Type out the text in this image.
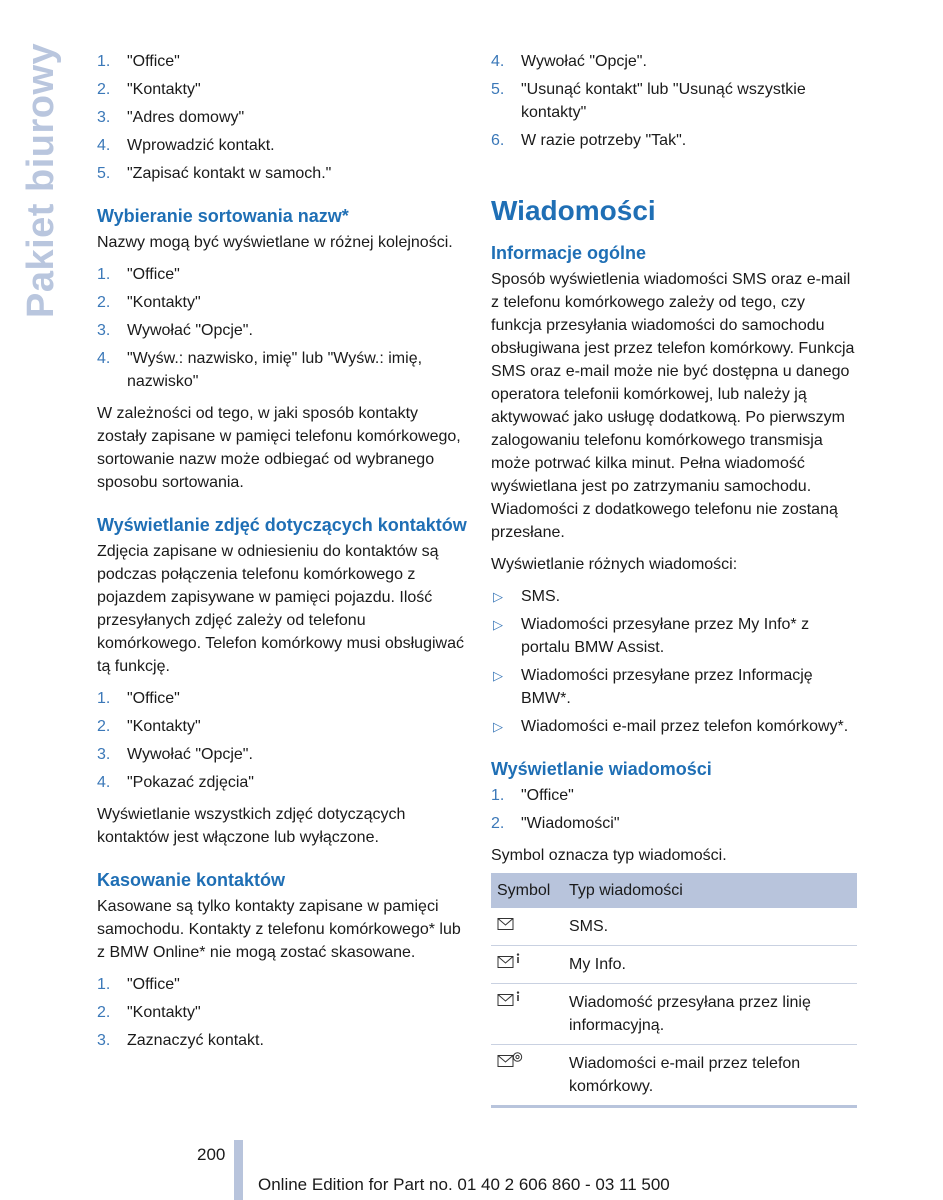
Pakiet biurowy 1. "Office"
2. "Kontakty"
3. "Adres domowy"
4. Wprowadzić kontakt.
5. "Zapisać kontakt w samoch."
Wybieranie sortowania nazw*

Nazwy mogą być wyświetlane w różnej kolejności.

1. "Office"
2. "Kontakty"
3. Wywołać "Opcje".
4. "Wyśw.: nazwisko, imię" lub "Wyśw.: imię, nazwisko"

W zależności od tego, w jaki sposób kontakty zostały zapisane w pamięci telefonu komórkowego, sortowanie nazw może odbiegać od wybranego sposobu sortowania.

Wyświetlanie zdjęć dotyczących kontaktów

Zdjęcia zapisane w odniesieniu do kontaktów są podczas połączenia telefonu komórkowego z pojazdem zapisywane w pamięci pojazdu. Ilość przesyłanych zdjęć zależy od telefonu komórkowego. Telefon komórkowy musi obsługiwać tą funkcję.

1. "Office"
2. "Kontakty"
3. Wywołać "Opcje".
4. "Pokazać zdjęcia"

Wyświetlanie wszystkich zdjęć dotyczących kontaktów jest włączone lub wyłączone.

Kasowanie kontaktów

Kasowane są tylko kontakty zapisane w pamięci samochodu. Kontakty z telefonu komórkowego* lub z BMW Online* nie mogą zostać skasowane.

1. "Office"
2. "Kontakty"
3. Zaznaczyć kontakt.
4. Wywołać "Opcje".
5. "Usunąć kontakt" lub "Usunąć wszystkie kontakty"
6. W razie potrzeby "Tak".
Wiadomości
Informacje ogólne

Sposób wyświetlenia wiadomości SMS oraz e-mail z telefonu komórkowego zależy od tego, czy funkcja przesyłania wiadomości do samochodu obsługiwana jest przez telefon komórkowy. Funkcja SMS oraz e-mail może nie być dostępna u danego operatora telefonii komórkowej, lub należy ją aktywować jako usługę dodatkową. Po pierwszym zalogowaniu telefonu komórkowego transmisja może potrwać kilka minut. Pełna wiadomość wyświetlana jest po zatrzymaniu samochodu. Wiadomości z dodatkowego telefonu nie zostaną przesłane.

Wyświetlanie różnych wiadomości:

▷ SMS.
▷ Wiadomości przesyłane przez My Info* z portalu BMW Assist.
▷ Wiadomości przesyłane przez Informację BMW*.
▷ Wiadomości e-mail przez telefon komórkowy*.
Wyświetlanie wiadomości
1. "Office"
2. "Wiadomości"

Symbol oznacza typ wiadomości.

Symbol	Typ wiadomości
	SMS.
	My Info.
	Wiadomość przesyłana przez linię informacyjną.
	Wiadomości e-mail przez telefon komórkowy.
200
Online Edition for Part no. 01 40 2 606 860 - 03 11 500
